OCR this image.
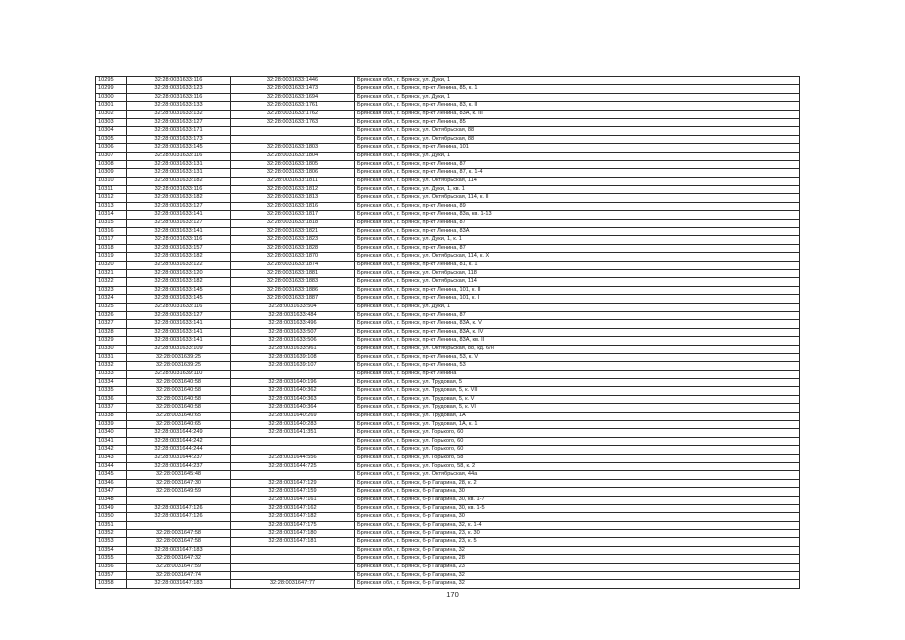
10295	32:28:0031633:116	32:28:0031633:1446	Брянская обл., г. Брянск, ул. Дуки, 1
10299	32:28:0031633:123	32:28:0031633:1473	Брянская обл., г. Брянск, пр-кт Ленина, 85, к. 1
10300	32:28:0031633:116	32:28:0031633:1694	Брянская обл., г. Брянск, ул. Дуки, 1
10301	32:28:0031633:133	32:28:0031633:1761	Брянская обл., г. Брянск, пр-кт Ленина, 83, к. II
10302	32:28:0031633:132	32:28:0031633:1762	Брянская обл., г. Брянск, пр-кт Ленина, 83А, к. III
10303	32:28:0031633:127	32:28:0031633:1763	Брянская обл., г. Брянск, пр-кт Ленина, 85
10304	32:28:0031633:171		Брянская обл., г. Брянск, ул. Октябрьская, 88
10305	32:28:0031633:173		Брянская обл., г. Брянск, ул. Октябрьская, 88
10306	32:28:0031633:145	32:28:0031633:1803	Брянская обл., г. Брянск, пр-кт Ленина, 101
10307	32:28:0031633:116	32:28:0031633:1804	Брянская обл., г. Брянск, ул. Дуки, 1
10308	32:28:0031633:131	32:28:0031633:1805	Брянская обл., г. Брянск, пр-кт Ленина, 87
10309	32:28:0031633:131	32:28:0031633:1806	Брянская обл., г. Брянск, пр-кт Ленина, 87, к. 1-4
10310	32:28:0031633:182	32:28:0031633:1811	Брянская обл., г. Брянск, ул. Октябрьская, 114
10311	32:28:0031633:116	32:28:0031633:1812	Брянская обл., г. Брянск, ул. Дуки, 1, кв. 1
10312	32:28:0031633:182	32:28:0031633:1813	Брянская обл., г. Брянск, ул. Октябрьская, 114, к. II
10313	32:28:0031633:127	32:28:0031633:1816	Брянская обл., г. Брянск, пр-кт Ленина, 89
10314	32:28:0031633:141	32:28:0031633:1817	Брянская обл., г. Брянск, пр-кт Ленина, 83а, кв. 1-13
10315	32:28:0031633:127	32:28:0031633:1818	Брянская обл., г. Брянск, пр-кт Ленина, 87
10316	32:28:0031633:141	32:28:0031633:1821	Брянская обл., г. Брянск, пр-кт Ленина, 83А
10317	32:28:0031633:116	32:28:0031633:1823	Брянская обл., г. Брянск, ул. Дуки, 1, к. 1
10318	32:28:0031633:157	32:28:0031633:1828	Брянская обл., г. Брянск, пр-кт Ленина, 87
10319	32:28:0031633:182	32:28:0031633:1870	Брянская обл., г. Брянск, ул. Октябрьская, 114, к. X
10320	32:28:0031633:122	32:28:0031633:1874	Брянская обл., г. Брянск, пр-кт Ленина, 81, к. 1
10321	32:28:0031633:120	32:28:0031633:1881	Брянская обл., г. Брянск, ул. Октябрьская, 118
10322	32:28:0031633:182	32:28:0031633:1883	Брянская обл., г. Брянск, ул. Октябрьская, 114
10323	32:28:0031633:145	32:28:0031633:1886	Брянская обл., г. Брянск, пр-кт Ленина, 101, к. II
10324	32:28:0031633:145	32:28:0031633:1887	Брянская обл., г. Брянск, пр-кт Ленина, 101, к. I
10325	32:28:0031633:116	32:28:0031633:504	Брянская обл., г. Брянск, ул. Дуки, 1
10326	32:28:0031633:127	32:28:0031633:484	Брянская обл., г. Брянск, пр-кт Ленина, 87
10327	32:28:0031633:141	32:28:0031633:496	Брянская обл., г. Брянск, пр-кт Ленина, 83А, к. V
10328	32:28:0031633:141	32:28:0031633:507	Брянская обл., г. Брянск, пр-кт Ленина, 83А, к. IV
10329	32:28:0031633:141	32:28:0031633:506	Брянская обл., г. Брянск, пр-кт Ленина, 83А, кв. II
10330	32:28:0031633:109	32:28:0031633:961	Брянская обл., г. Брянск, ул. Октябрьская, 88, кд. 6/н
10331	32:28:0031639:25	32:28:0031639:108	Брянская обл., г. Брянск, пр-кт Ленина, 53, к. V
10332	32:28:0031639:25	32:28:0031639:107	Брянская обл., г. Брянск, пр-кт Ленина, 53
10333	32:28:0031639:110		Брянская обл., г. Брянск, пр-кт Ленина
10334	32:28:0031640:58	32:28:0031640:196	Брянская обл., г. Брянск, ул. Трудовая, 5
10335	32:28:0031640:58	32:28:0031640:362	Брянская обл., г. Брянск, ул. Трудовая, 5, к. VII
10336	32:28:0031640:58	32:28:0031640:363	Брянская обл., г. Брянск, ул. Трудовая, 5, к. V
10337	32:28:0031640:58	32:28:0031640:364	Брянская обл., г. Брянск, ул. Трудовая, 5, к. VI
10338	32:28:0031640:65	32:28:0031640:269	Брянская обл., г. Брянск, ул. Трудовая, 1А
10339	32:28:0031640:65	32:28:0031640:283	Брянская обл., г. Брянск, ул. Трудовая, 1А, к. 1
10340	32:28:0031644:249	32:28:0031641:351	Брянская обл., г. Брянск, ул. Горького, 60
10341	32:28:0031644:242		Брянская обл., г. Брянск, ул. Горького, 60
10342	32:28:0031644:244		Брянская обл., г. Брянск, ул. Горького, 60
10343	32:28:0031644:237	32:28:0031644:556	Брянская обл., г. Брянск, ул. Горького, 58
10344	32:28:0031644:237	32:28:0031644:725	Брянская обл., г. Брянск, ул. Горького, 58, к. 2
10345	32:28:0031645:48		Брянская обл., г. Брянск, ул. Октябрьская, 44а
10346	32:28:0031647:30	32:28:0031647:129	Брянская обл., г. Брянск, б-р Гагарина, 28, к. 2
10347	32:28:0031649:59	32:28:0031647:159	Брянская обл., г. Брянск, б-р Гагарина, 30
10348		32:28:0031647:161	Брянская обл., г. Брянск, б-р Гагарина, 30, кв. 1-7
10349	32:28:0031647:126	32:28:0031647:162	Брянская обл., г. Брянск, б-р Гагарина, 30, кв. 1-5
10350	32:28:0031647:126	32:28:0031647:182	Брянская обл., г. Брянск, б-р Гагарина, 30
10351		32:28:0031647:175	Брянская обл., г. Брянск, б-р Гагарина, 32, к. 1-4
10352	32:28:0031647:58	32:28:0031647:180	Брянская обл., г. Брянск, б-р Гагарина, 23, к. 30
10353	32:28:0031647:58	32:28:0031647:181	Брянская обл., г. Брянск, б-р Гагарина, 23, к. 5
10354	32:28:0031647:183		Брянская обл., г. Брянск, б-р Гагарина, 32
10355	32:28:0031647:32		Брянская обл., г. Брянск, б-р Гагарина, 28
10356	32:28:0031647:59		Брянская обл., г. Брянск, б-р Гагарина, 23
10357	32:28:0031647:74		Брянская обл., г. Брянск, б-р Гагарина, 32
10358	32:28:0031647:183	32:28:0031647:77	Брянская обл., г. Брянск, б-р Гагарина, 32
170
